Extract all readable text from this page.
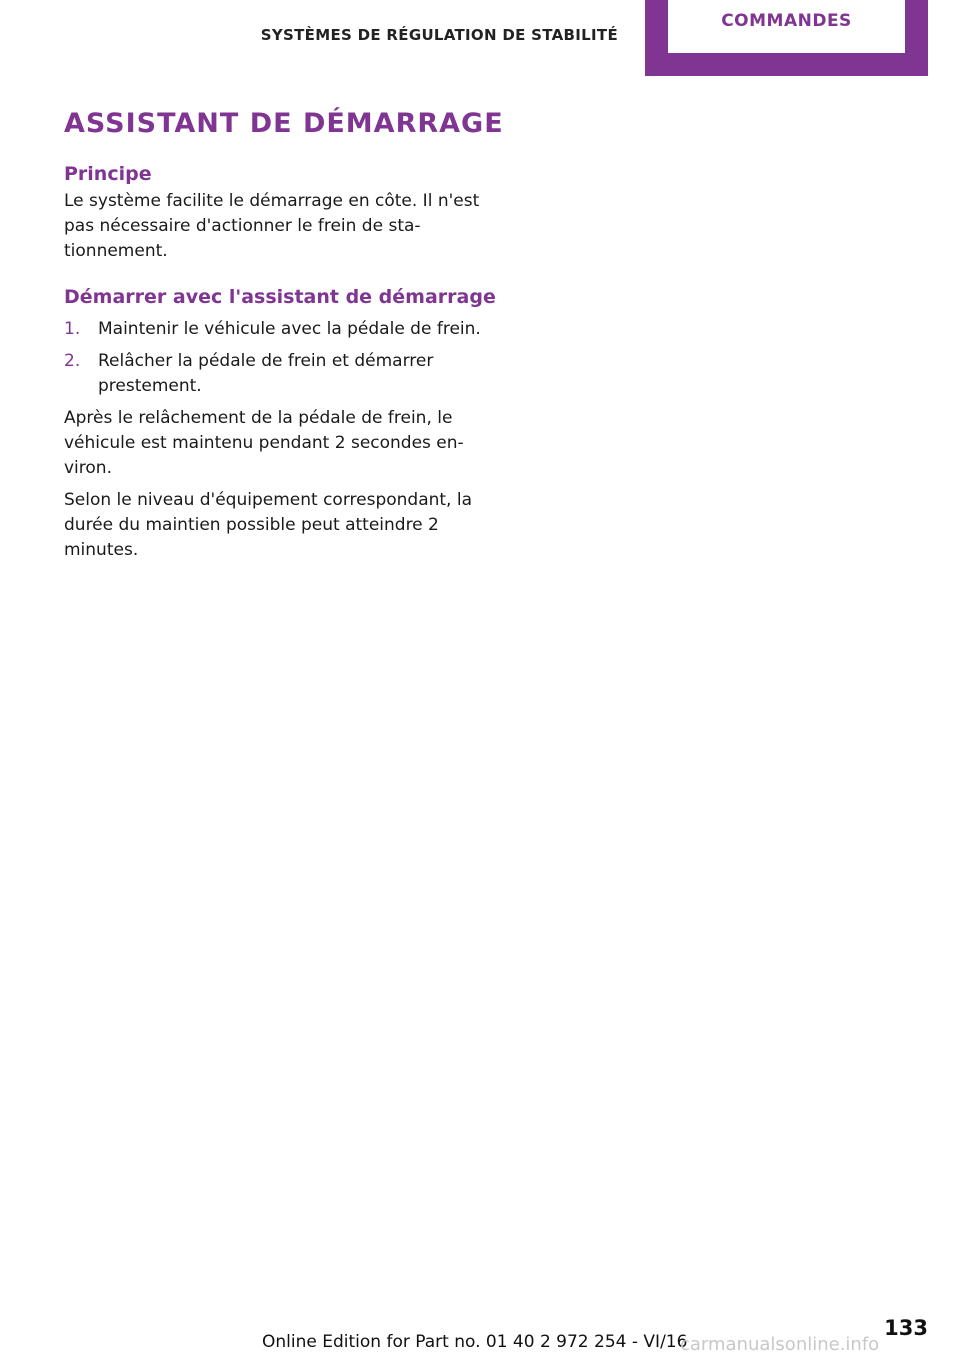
SYSTÈMES DE RÉGULATION DE STABILITÉ
COMMANDES
ASSISTANT DE DÉMARRAGE
Principe

Le système facilite le démarrage en côte. Il n'est pas nécessaire d'actionner le frein de stationnement.

Démarrer avec l'assistant de démarrage
1. Maintenir le véhicule avec la pédale de frein.
2. Relâcher la pédale de frein et démarrer prestement.

Après le relâchement de la pédale de frein, le véhicule est maintenu pendant 2 secondes environ.

Selon le niveau d'équipement correspondant, la durée du maintien possible peut atteindre 2 minutes.

133
Online Edition for Part no. 01 40 2 972 254 - VI/16
carmanualsonline.info
